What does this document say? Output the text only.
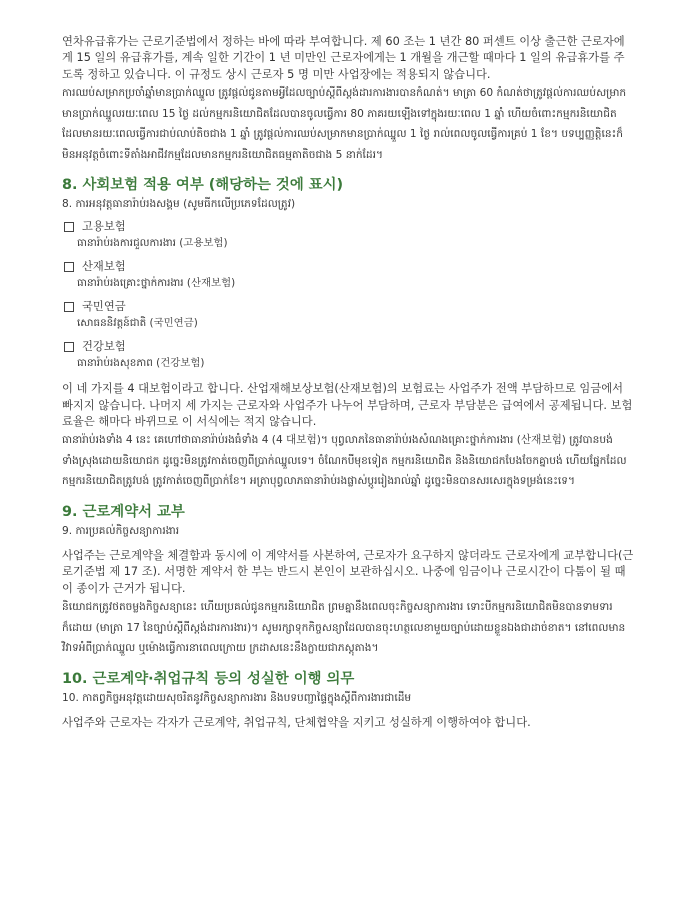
연차유급휴가는 근로기준법에서 정하는 바에 따라 부여합니다. 제 60 조는 1 년간 80 퍼센트 이상 출근한 근로자에게 15 일의 유급휴가를, 계속 일한 기간이 1 년 미만인 근로자에게는 1 개월을 개근할 때마다 1 일의 유급휴가를 주도록 정하고 있습니다. 이 규정도 상시 근로자 5 명 미만 사업장에는 적용되지 않습니다.

ការឈប់សម្រាកប្រចាំឆ្នាំមានប្រាក់ឈ្នួល ត្រូវផ្តល់ជូនតាមអ្វីដែលច្បាប់ស្តីពីស្តង់ដារការងារបានកំណត់។ មាត្រា 60 កំណត់ថាត្រូវផ្តល់ការឈប់សម្រាកមានប្រាក់ឈ្នួលរយៈពេល 15 ថ្ងៃ ដល់កម្មករនិយោជិតដែលបានចូលធ្វើការ 80 ភាគរយឡើងទៅក្នុងរយៈពេល 1 ឆ្នាំ ហើយចំពោះកម្មករនិយោជិតដែលមានរយៈពេលធ្វើការជាប់លាប់តិចជាង 1 ឆ្នាំ ត្រូវផ្តល់ការឈប់សម្រាកមានប្រាក់ឈ្នួល 1 ថ្ងៃ រាល់ពេលចូលធ្វើការគ្រប់ 1 ខែ។ បទប្បញ្ញត្តិនេះក៏មិនអនុវត្តចំពោះទីតាំងអាជីវកម្មដែលមានកម្មករនិយោជិតធម្មតាតិចជាង 5 នាក់ដែរ។

8. 사회보험 적용 여부 (해당하는 것에 표시)

8. ការអនុវត្តធានារ៉ាប់រងសង្គម (សូមធីកលើប្រភេទដែលត្រូវ)

고용보험
ធានារ៉ាប់រងការជួលការងារ (고용보험)
산재보험
ធានារ៉ាប់រងគ្រោះថ្នាក់ការងារ (산재보험)
국민연금
សោធននិវត្តន៍ជាតិ (국민연금)
건강보험
ធានារ៉ាប់រងសុខភាព (건강보험)

이 네 가지를 4 대보험이라고 합니다. 산업재해보상보험(산재보험)의 보험료는 사업주가 전액 부담하므로 임금에서 빠지지 않습니다. 나머지 세 가지는 근로자와 사업주가 나누어 부담하며, 근로자 부담분은 급여에서 공제됩니다. 보험료율은 해마다 바뀌므로 이 서식에는 적지 않습니다.

ធានារ៉ាប់រងទាំង 4 នេះ គេហៅថាធានារ៉ាប់រងធំទាំង 4 (4 대보험)។ បុព្វលាភនៃធានារ៉ាប់រងសំណងគ្រោះថ្នាក់ការងារ (산재보험) ត្រូវបានបង់ទាំងស្រុងដោយនិយោជក ដូច្នេះមិនត្រូវកាត់ចេញពីប្រាក់ឈ្នួលទេ។ ចំណែកបីមុខទៀត កម្មករនិយោជិត និងនិយោជកបែងចែកគ្នាបង់ ហើយផ្នែកដែលកម្មករនិយោជិតត្រូវបង់ ត្រូវកាត់ចេញពីប្រាក់ខែ។ អត្រាបុព្វលាភធានារ៉ាប់រងផ្លាស់ប្តូររៀងរាល់ឆ្នាំ ដូច្នេះមិនបានសរសេរក្នុងទម្រង់នេះទេ។

9. 근로계약서 교부

9. ការប្រគល់កិច្ចសន្យាការងារ

사업주는 근로계약을 체결함과 동시에 이 계약서를 사본하여, 근로자가 요구하지 않더라도 근로자에게 교부합니다(근로기준법 제 17 조). 서명한 계약서 한 부는 반드시 본인이 보관하십시오. 나중에 임금이나 근로시간이 다툼이 될 때 이 종이가 근거가 됩니다.

និយោជកត្រូវថតចម្លងកិច្ចសន្យានេះ ហើយប្រគល់ជូនកម្មករនិយោជិត ព្រមគ្នានឹងពេលចុះកិច្ចសន្យាការងារ ទោះបីកម្មករនិយោជិតមិនបានទាមទារក៏ដោយ (មាត្រា 17 នៃច្បាប់ស្តីពីស្តង់ដារការងារ)។ សូមរក្សាទុកកិច្ចសន្យាដែលបានចុះហត្ថលេខាមួយច្បាប់ដោយខ្លួនឯងជាដាច់ខាត។ នៅពេលមានវិវាទអំពីប្រាក់ឈ្នួល ឬម៉ោងធ្វើការនាពេលក្រោយ ក្រដាសនេះនឹងក្លាយជាភស្តុតាង។

10. 근로계약·취업규칙 등의 성실한 이행 의무

10. កាតព្វកិច្ចអនុវត្តដោយសុចរិតនូវកិច្ចសន្យាការងារ និងបទបញ្ជាផ្ទៃក្នុងស្តីពីការងារជាដើម

사업주와 근로자는 각자가 근로계약, 취업규칙, 단체협약을 지키고 성실하게 이행하여야 합니다.
